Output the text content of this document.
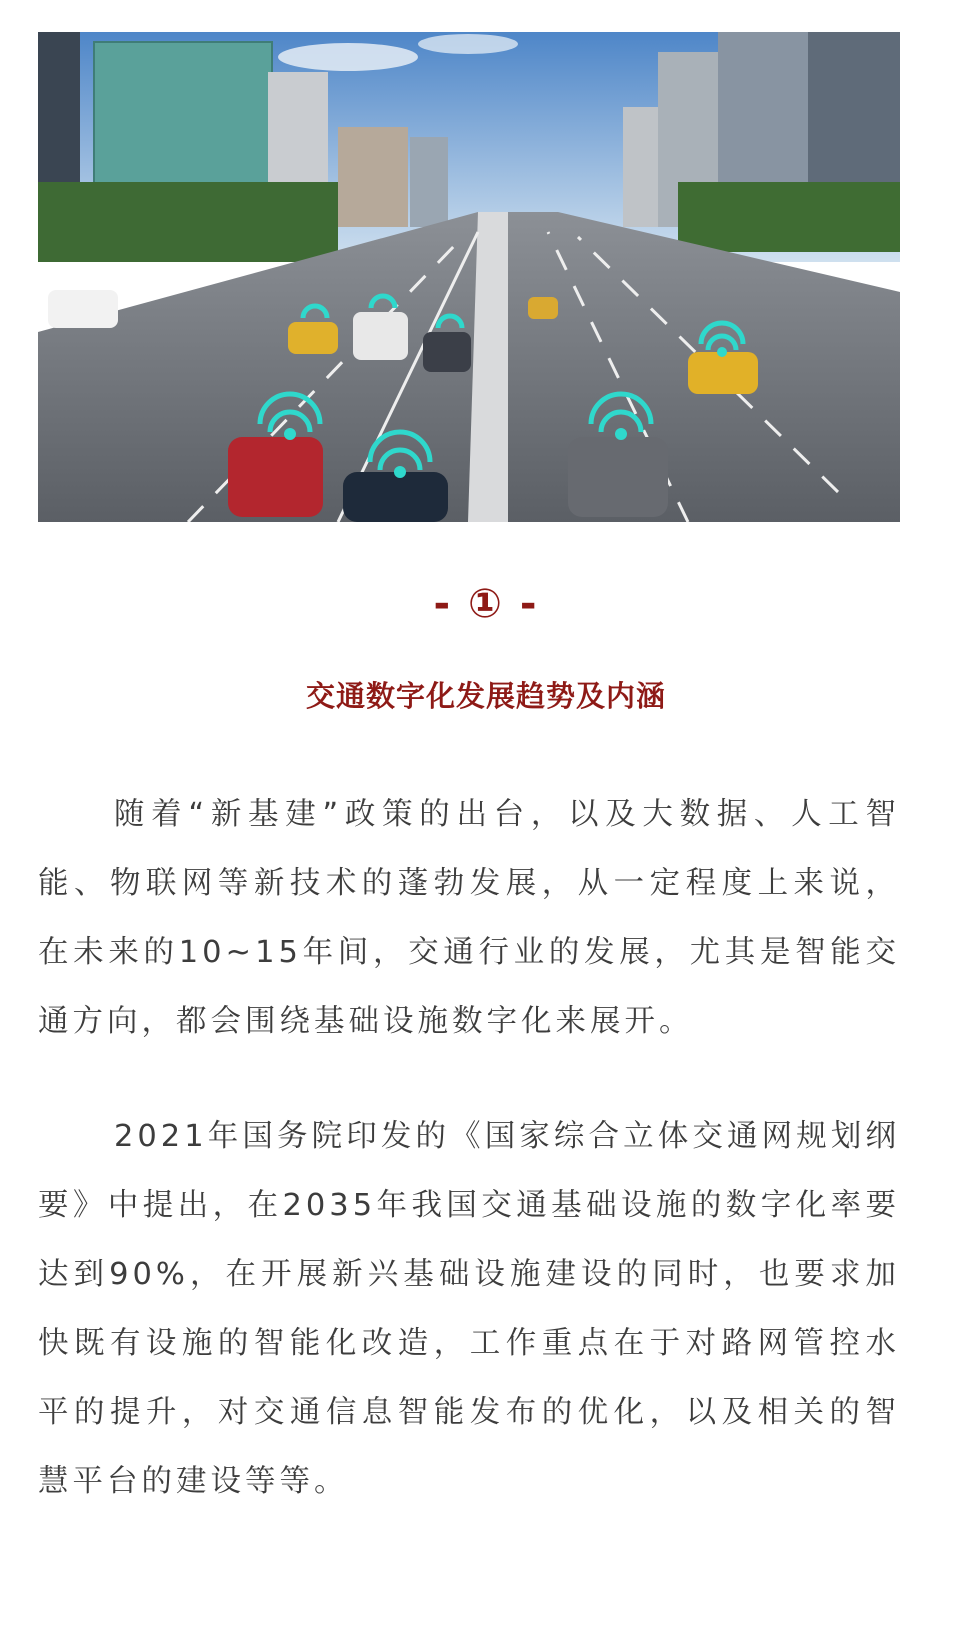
- ① -
交通数字化发展趋势及内涵

随着“新基建”政策的出台，以及大数据、人工智能、物联网等新技术的蓬勃发展，从一定程度上来说，在未来的10~15年间，交通行业的发展，尤其是智能交通方向，都会围绕基础设施数字化来展开。

2021年国务院印发的《国家综合立体交通网规划纲要》中提出，在2035年我国交通基础设施的数字化率要达到90%，在开展新兴基础设施建设的同时，也要求加快既有设施的智能化改造，工作重点在于对路网管控水平的提升，对交通信息智能发布的优化，以及相关的智慧平台的建设等等。
